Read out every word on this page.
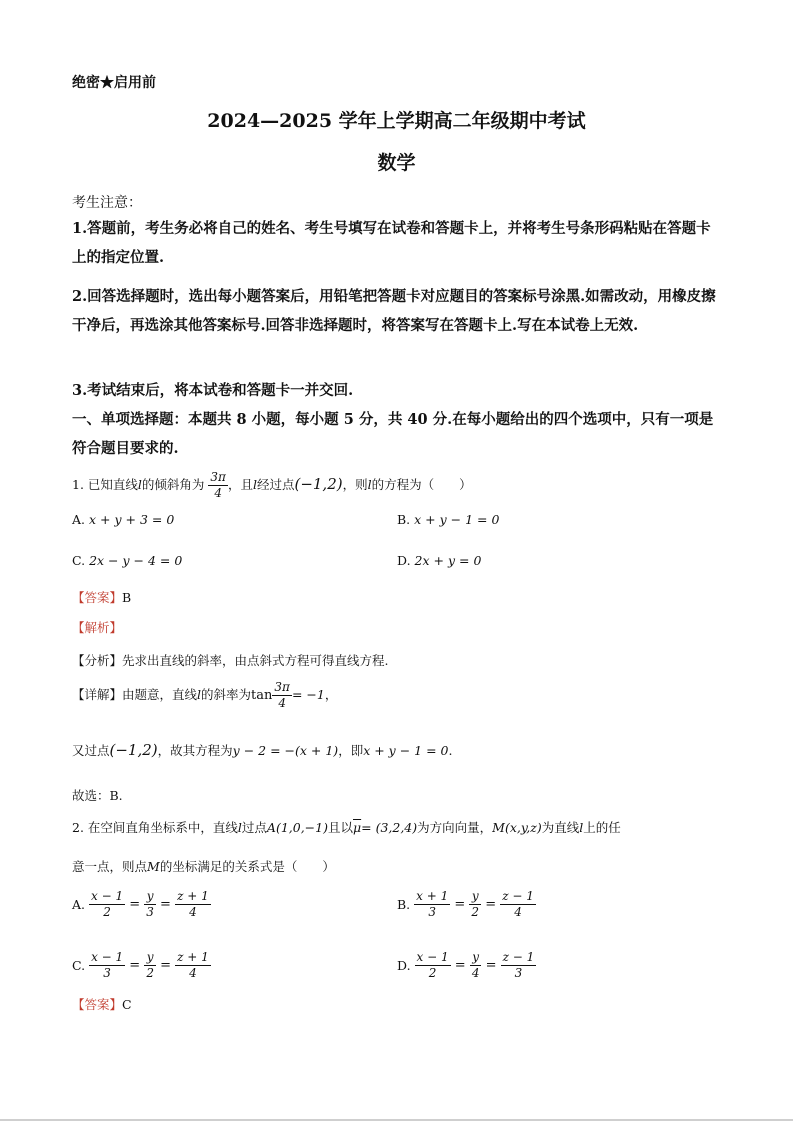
绝密★启用前
2024—2025 学年上学期高二年级期中考试
数学
考生注意：
1.答题前，考生务必将自己的姓名、考生号填写在试卷和答题卡上，并将考生号条形码粘贴在答题卡上的指定位置.
2.回答选择题时，选出每小题答案后，用铅笔把答题卡对应题目的答案标号涂黑.如需改动，用橡皮擦干净后，再选涂其他答案标号.回答非选择题时，将答案写在答题卡上.写在本试卷上无效.
3.考试结束后，将本试卷和答题卡一并交回.
一、单项选择题：本题共 8 小题，每小题 5 分，共 40 分.在每小题给出的四个选项中，只有一项是符合题目要求的.
1. 已知直线l的倾斜角为 $\frac{3\pi}{4}$ ，且l经过点(−1,2)，则l的方程为（　　）
A. x + y + 3 = 0	B. x + y − 1 = 0
C. 2x − y − 4 = 0	D. 2x + y = 0
【答案】B
【解析】
【分析】先求出直线的斜率，由点斜式方程可得直线方程.
【详解】由题意，直线l的斜率为$\tan \frac{3\pi}{4} = -1$，
又过点(−1,2)，故其方程为y − 2 = −(x + 1)，即x + y − 1 = 0.
故选：B.
2. 在空间直角坐标系中，直线l过点A(1,0,−1)且以$\overline{\mu}= (3,2,4)$为方向向量，M(x,y,z)为直线l上的任
意一点，则点M的坐标满足的关系式是（　　）
A. $\frac{x - 1}{2} = \frac{y}{3} = \frac{z + 1}{4}$	B. $\frac{x + 1}{3} = \frac{y}{2} = \frac{z - 1}{4}$
C. $\frac{x - 1}{3} = \frac{y}{2} = \frac{z + 1}{4}$	D. $\frac{x - 1}{2} = \frac{y}{4} = \frac{z - 1}{3}$
【答案】C
